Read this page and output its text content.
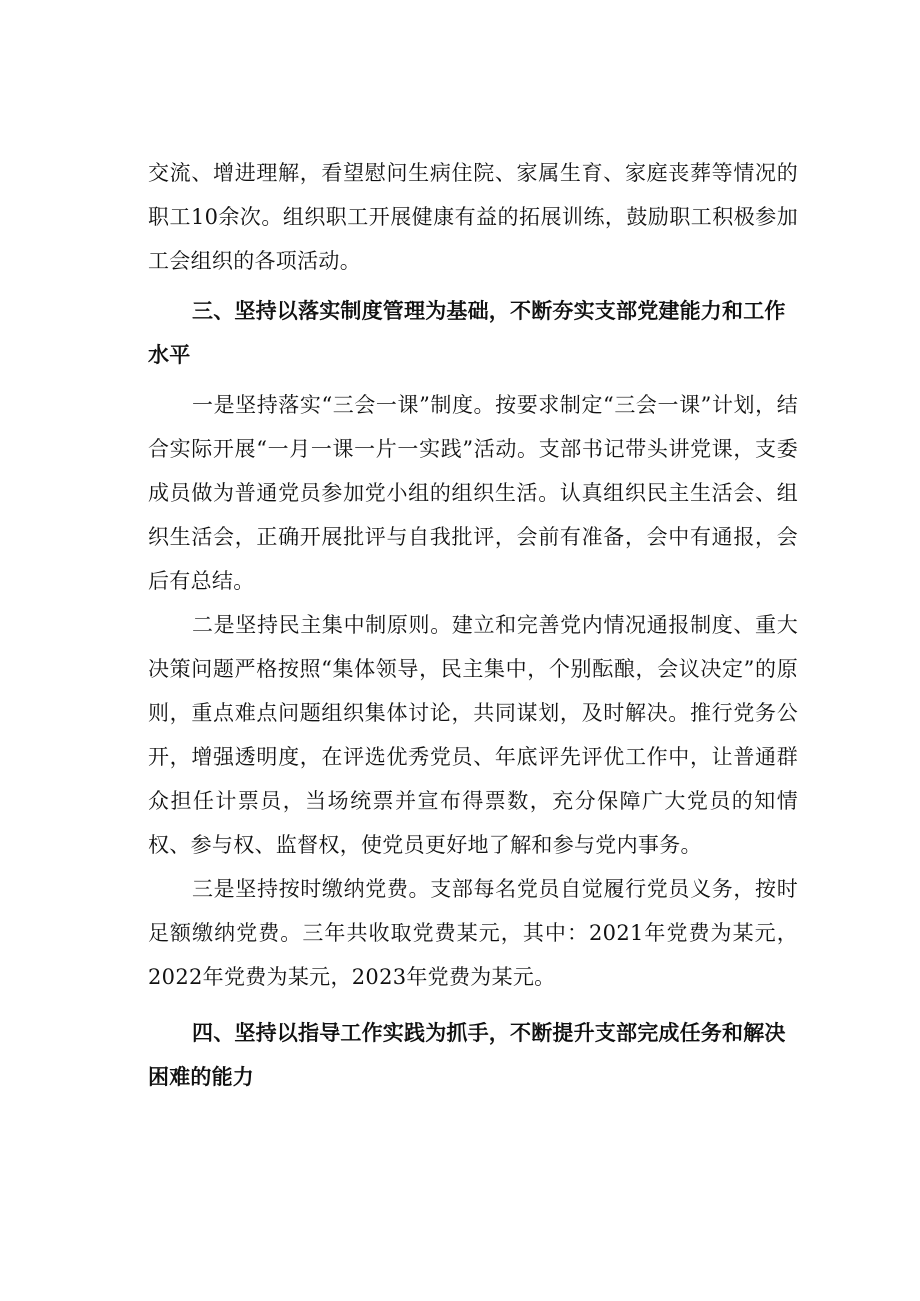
交流、增进理解，看望慰问生病住院、家属生育、家庭丧葬等情况的职工10余次。组织职工开展健康有益的拓展训练，鼓励职工积极参加工会组织的各项活动。

三、坚持以落实制度管理为基础，不断夯实支部党建能力和工作水平

一是坚持落实“三会一课”制度。按要求制定“三会一课”计划，结合实际开展“一月一课一片一实践”活动。支部书记带头讲党课，支委成员做为普通党员参加党小组的组织生活。认真组织民主生活会、组织生活会，正确开展批评与自我批评，会前有准备，会中有通报，会后有总结。

二是坚持民主集中制原则。建立和完善党内情况通报制度、重大决策问题严格按照“集体领导，民主集中，个别酝酿，会议决定”的原则，重点难点问题组织集体讨论，共同谋划，及时解决。推行党务公开，增强透明度，在评选优秀党员、年底评先评优工作中，让普通群众担任计票员，当场统票并宣布得票数，充分保障广大党员的知情权、参与权、监督权，使党员更好地了解和参与党内事务。

三是坚持按时缴纳党费。支部每名党员自觉履行党员义务，按时足额缴纳党费。三年共收取党费某元，其中：2021年党费为某元，2022年党费为某元，2023年党费为某元。

四、坚持以指导工作实践为抓手，不断提升支部完成任务和解决困难的能力
